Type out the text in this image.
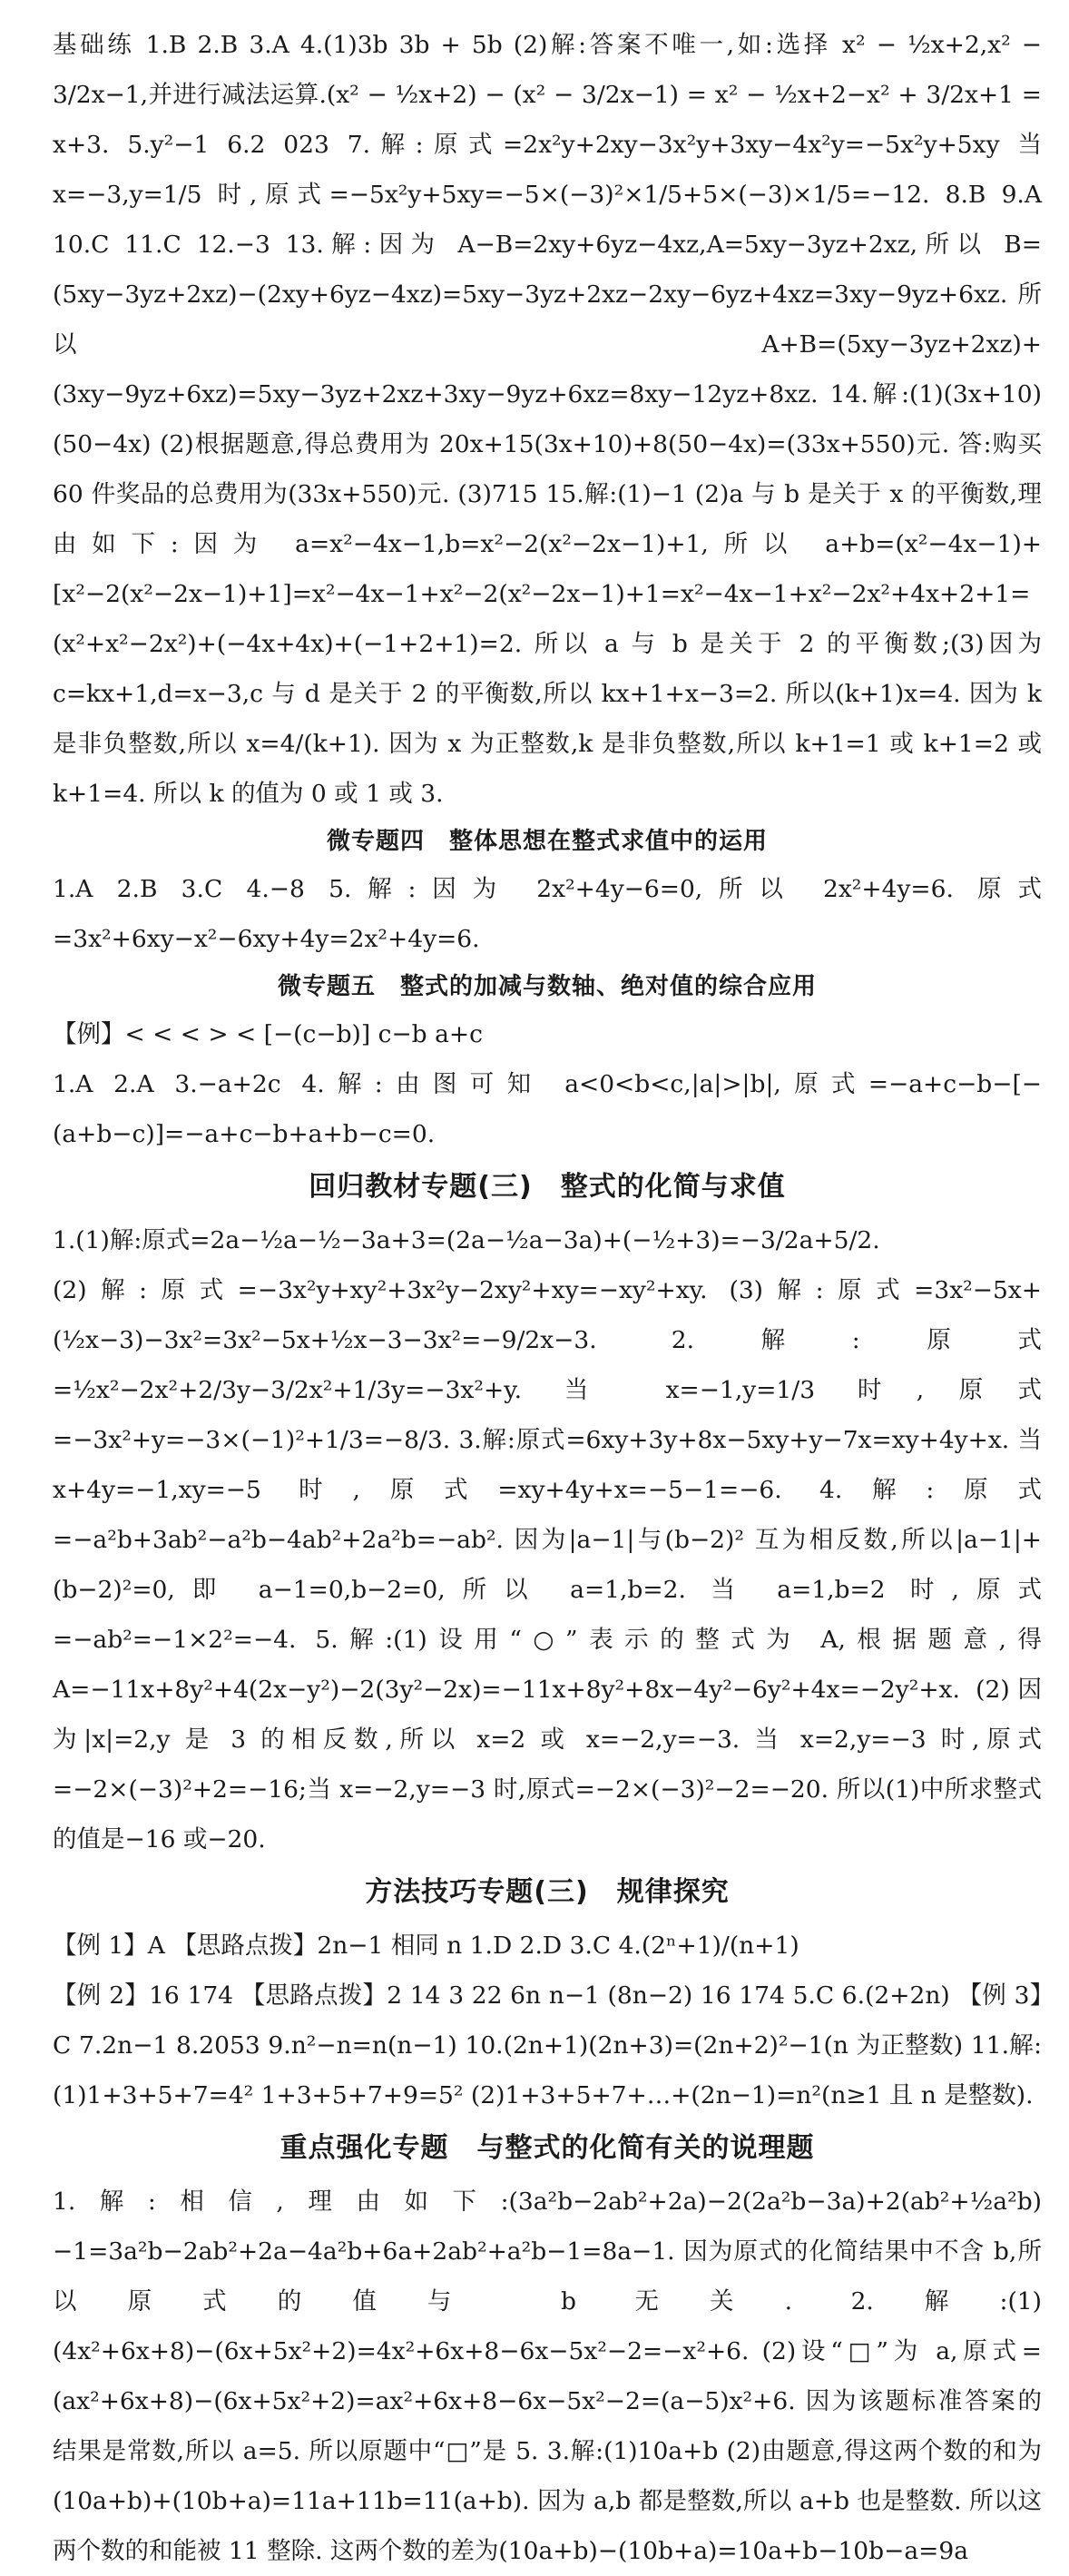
基础练 1.B 2.B 3.A 4.(1)3b 3b + 5b (2)解:答案不唯一,如:选择 x² − ½x+2,x² − 3/2x−1,并进行减法运算.(x² − ½x+2) − (x² − 3/2x−1) = x² − ½x+2−x² + 3/2x+1 = x+3. 5.y²−1 6.2 023 7.解:原式=2x²y+2xy−3x²y+3xy−4x²y=−5x²y+5xy 当 x=−3,y=1/5 时,原式=−5x²y+5xy=−5×(−3)²×1/5+5×(−3)×1/5=−12. 8.B 9.A 10.C 11.C 12.−3 13.解:因为 A−B=2xy+6yz−4xz,A=5xy−3yz+2xz,所以 B=(5xy−3yz+2xz)−(2xy+6yz−4xz)=5xy−3yz+2xz−2xy−6yz+4xz=3xy−9yz+6xz. 所以 A+B=(5xy−3yz+2xz)+(3xy−9yz+6xz)=5xy−3yz+2xz+3xy−9yz+6xz=8xy−12yz+8xz. 14.解:(1)(3x+10) (50−4x) (2)根据题意,得总费用为 20x+15(3x+10)+8(50−4x)=(33x+550)元. 答:购买 60 件奖品的总费用为(33x+550)元. (3)715 15.解:(1)−1 (2)a 与 b 是关于 x 的平衡数,理由如下:因为 a=x²−4x−1,b=x²−2(x²−2x−1)+1,所以 a+b=(x²−4x−1)+[x²−2(x²−2x−1)+1]=x²−4x−1+x²−2(x²−2x−1)+1=x²−4x−1+x²−2x²+4x+2+1=(x²+x²−2x²)+(−4x+4x)+(−1+2+1)=2. 所以 a 与 b 是关于 2 的平衡数;(3)因为 c=kx+1,d=x−3,c 与 d 是关于 2 的平衡数,所以 kx+1+x−3=2. 所以(k+1)x=4. 因为 k 是非负整数,所以 x=4/(k+1). 因为 x 为正整数,k 是非负整数,所以 k+1=1 或 k+1=2 或 k+1=4. 所以 k 的值为 0 或 1 或 3.

微专题四　整体思想在整式求值中的运用

1.A 2.B 3.C 4.−8 5.解:因为 2x²+4y−6=0,所以 2x²+4y=6. 原式=3x²+6xy−x²−6xy+4y=2x²+4y=6.

微专题五　整式的加减与数轴、绝对值的综合应用

【例】< < < > < [−(c−b)] c−b a+c

1.A 2.A 3.−a+2c 4.解:由图可知 a<0<b<c,|a|>|b|,原式=−a+c−b−[−(a+b−c)]=−a+c−b+a+b−c=0.

回归教材专题(三)　整式的化简与求值

1.(1)解:原式=2a−½a−½−3a+3=(2a−½a−3a)+(−½+3)=−3/2a+5/2.

(2)解:原式=−3x²y+xy²+3x²y−2xy²+xy=−xy²+xy. (3)解:原式=3x²−5x+(½x−3)−3x²=3x²−5x+½x−3−3x²=−9/2x−3. 2.解:原式=½x²−2x²+2/3y−3/2x²+1/3y=−3x²+y. 当 x=−1,y=1/3 时,原式=−3x²+y=−3×(−1)²+1/3=−8/3. 3.解:原式=6xy+3y+8x−5xy+y−7x=xy+4y+x. 当 x+4y=−1,xy=−5 时,原式=xy+4y+x=−5−1=−6. 4.解:原式=−a²b+3ab²−a²b−4ab²+2a²b=−ab². 因为|a−1|与(b−2)² 互为相反数,所以|a−1|+(b−2)²=0,即 a−1=0,b−2=0,所以 a=1,b=2. 当 a=1,b=2 时,原式=−ab²=−1×2²=−4. 5.解:(1)设用“○”表示的整式为 A,根据题意,得 A=−11x+8y²+4(2x−y²)−2(3y²−2x)=−11x+8y²+8x−4y²−6y²+4x=−2y²+x. (2)因为|x|=2,y 是 3 的相反数,所以 x=2 或 x=−2,y=−3. 当 x=2,y=−3 时,原式=−2×(−3)²+2=−16;当 x=−2,y=−3 时,原式=−2×(−3)²−2=−20. 所以(1)中所求整式的值是−16 或−20.

方法技巧专题(三)　规律探究

【例 1】A 【思路点拨】2n−1 相同 n 1.D 2.D 3.C 4.(2ⁿ+1)/(n+1)

【例 2】16 174 【思路点拨】2 14 3 22 6n n−1 (8n−2) 16 174 5.C 6.(2+2n) 【例 3】C 7.2n−1 8.2053 9.n²−n=n(n−1) 10.(2n+1)(2n+3)=(2n+2)²−1(n 为正整数) 11.解:(1)1+3+5+7=4² 1+3+5+7+9=5² (2)1+3+5+7+…+(2n−1)=n²(n≥1 且 n 是整数).

重点强化专题　与整式的化简有关的说理题

1.解:相信,理由如下:(3a²b−2ab²+2a)−2(2a²b−3a)+2(ab²+½a²b)−1=3a²b−2ab²+2a−4a²b+6a+2ab²+a²b−1=8a−1. 因为原式的化简结果中不含 b,所以原式的值与 b 无关. 2.解:(1)(4x²+6x+8)−(6x+5x²+2)=4x²+6x+8−6x−5x²−2=−x²+6. (2)设“□”为 a,原式=(ax²+6x+8)−(6x+5x²+2)=ax²+6x+8−6x−5x²−2=(a−5)x²+6. 因为该题标准答案的结果是常数,所以 a=5. 所以原题中“□”是 5. 3.解:(1)10a+b (2)由题意,得这两个数的和为(10a+b)+(10b+a)=11a+11b=11(a+b). 因为 a,b 都是整数,所以 a+b 也是整数. 所以这两个数的和能被 11 整除. 这两个数的差为(10a+b)−(10b+a)=10a+b−10b−a=9a
